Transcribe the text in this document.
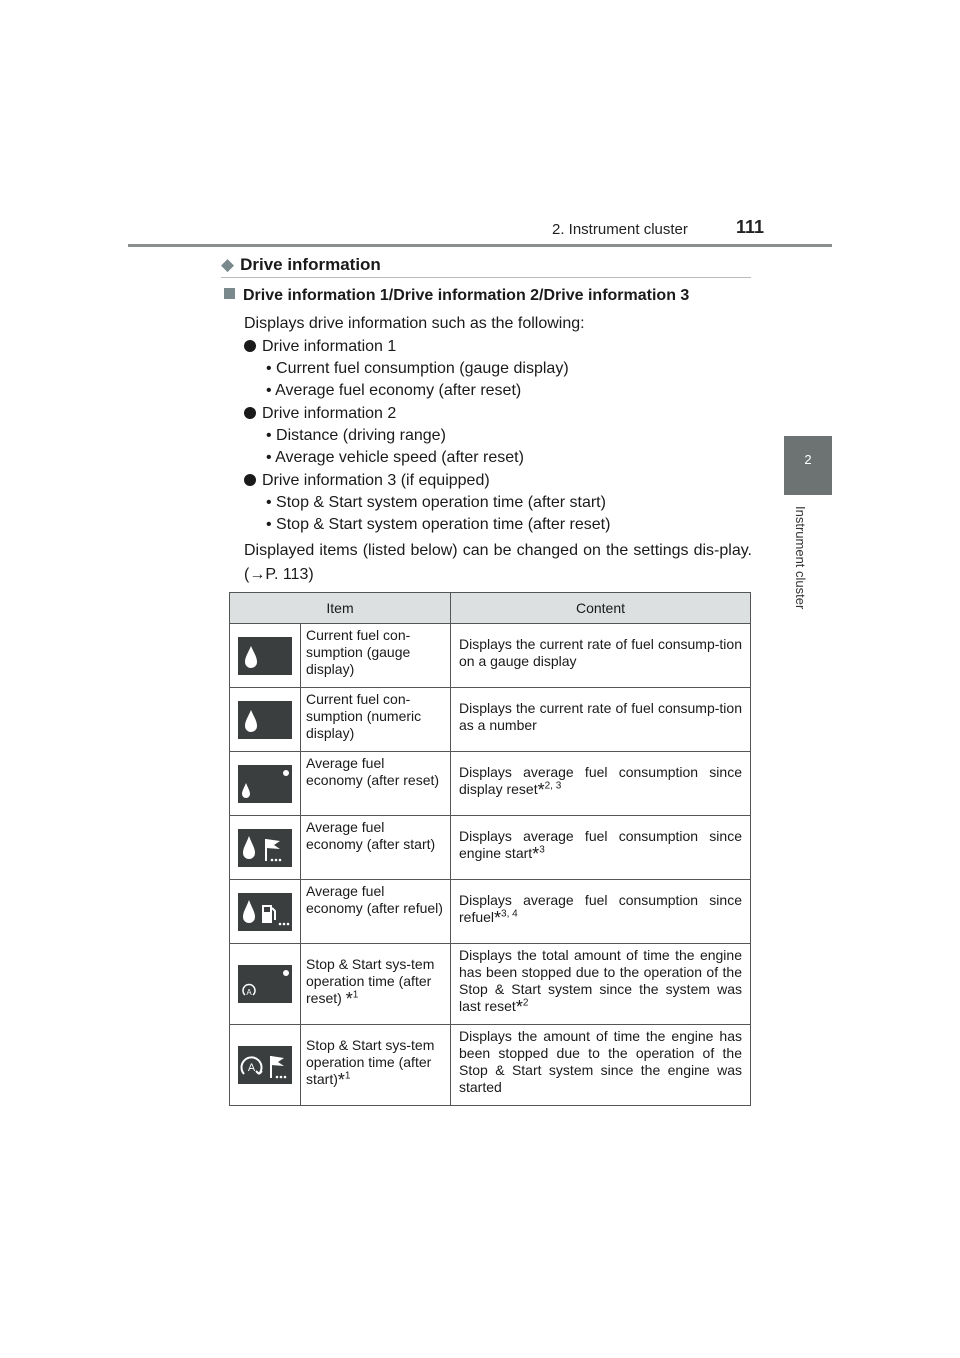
2. Instrument cluster	111
2
Instrument cluster
◆ Drive information
Drive information 1/Drive information 2/Drive information 3
Displays drive information such as the following:
Drive information 1
• Current fuel consumption (gauge display)
• Average fuel economy (after reset)
Drive information 2
• Distance (driving range)
• Average vehicle speed (after reset)
Drive information 3 (if equipped)
• Stop & Start system operation time (after start)
• Stop & Start system operation time (after reset)
Displayed items (listed below) can be changed on the settings dis-play. (→P. 113)
Item		Content

	Current fuel con-sumption (gauge display)	Displays the current rate of fuel consump-tion on a gauge display

	Current fuel con-sumption (numeric display)	Displays the current rate of fuel consump-tion as a number

	Average fuel economy (after reset)	Displays average fuel consumption since display reset*$^{2, 3}$

	Average fuel economy (after start)	Displays average fuel consumption since engine start*$^3$

	Average fuel economy (after refuel)	Displays average fuel consumption since refuel*$^{3, 4}$

A	Stop & Start sys-tem operation time (after reset) *$^1$	Displays the total amount of time the engine has been stopped due to the operation of the Stop & Start system since the system was last reset*$^2$

A	Stop & Start sys-tem operation time (after start)*$^1$	Displays the amount of time the engine has been stopped due to the operation of the Stop & Start system since the engine was started
